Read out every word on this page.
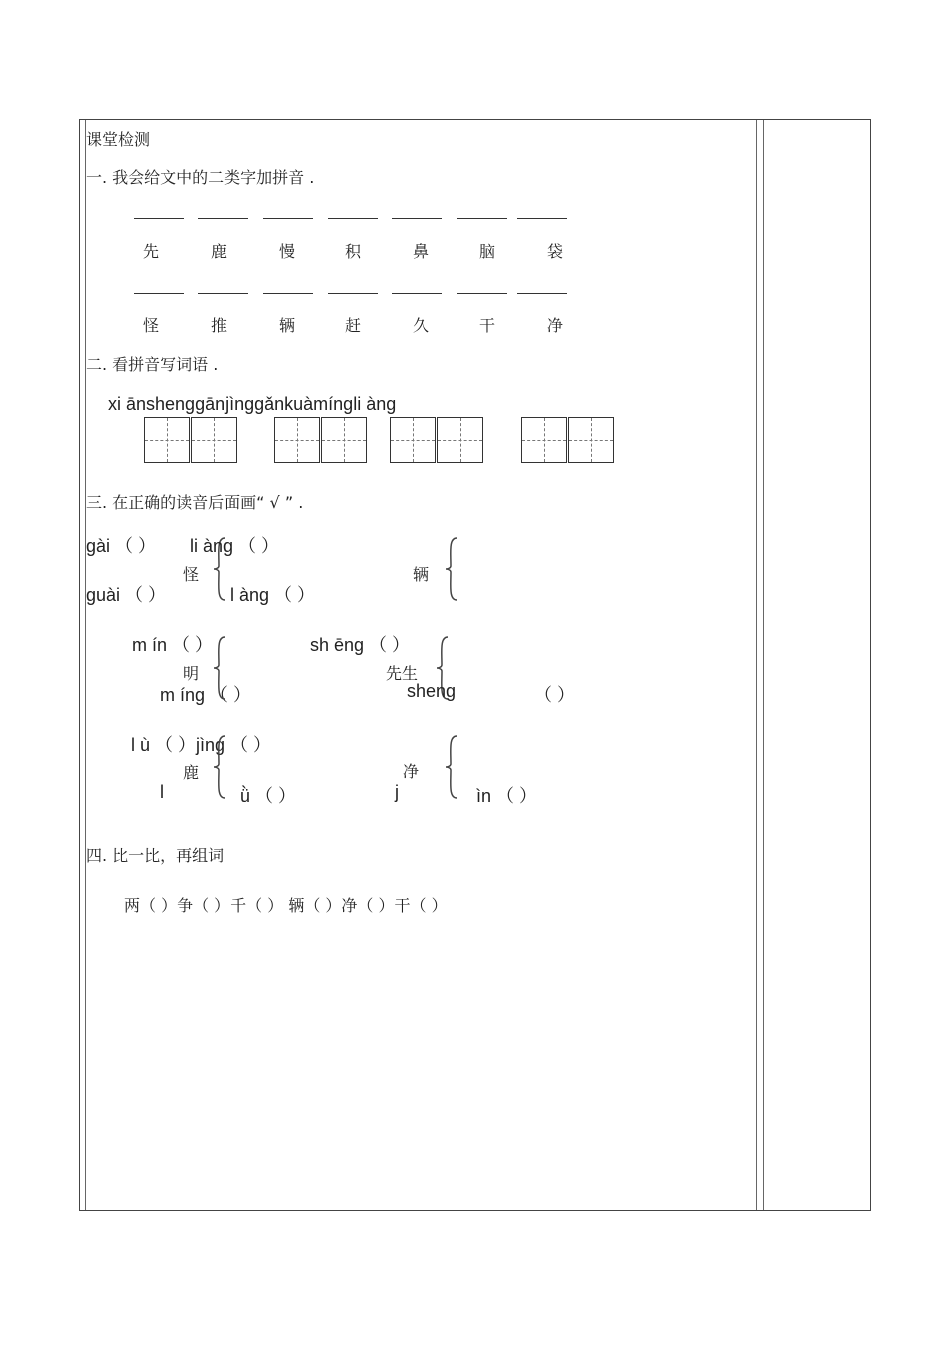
课堂检测
一. 我会给文中的二类字加拼音 .
先	鹿	慢	积	鼻	脑	袋
怪	推	辆	赶	久	干	净
二. 看拼音写词语 .
xi ānshenggānjìnggǎnkuàmíngli àng
三. 在正确的读音后面画“ √ ” .
gài （ ）
guài （ ）
怪
li àng （ ）
l àng （ ）
辆
m ín （ ）
m íng （ ）
明
sh ēng （ ）
先生
sheng	（ ）
l ù （ ）jìng （ ）
鹿
l	ǜ （ ）
净
j	ìn （ ）
四. 比一比，再组词
两（ ）争（ ）千（ ） 辆（ ）净（ ）干（ ）
